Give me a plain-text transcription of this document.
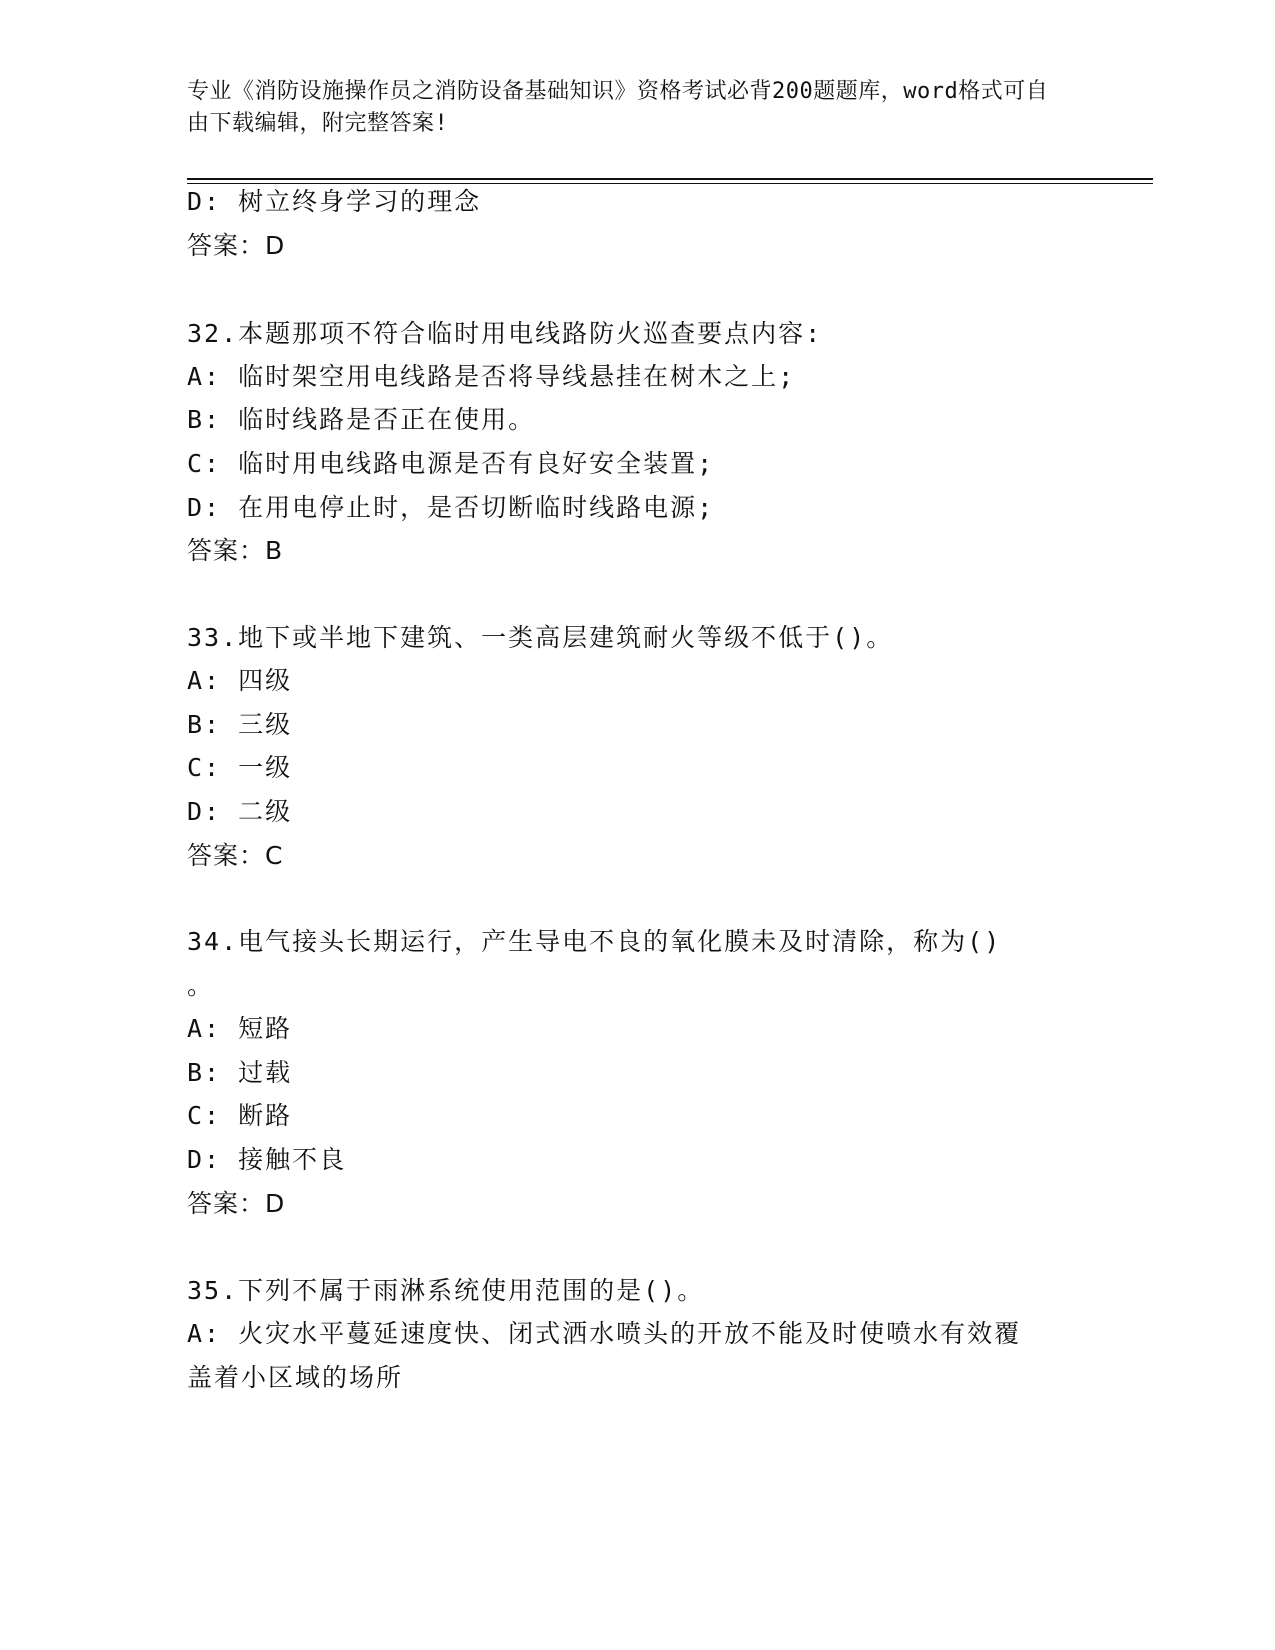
专业《消防设施操作员之消防设备基础知识》资格考试必背200题题库，word格式可自由下载编辑，附完整答案!
D: 树立终身学习的理念
答案：D
32.本题那项不符合临时用电线路防火巡查要点内容:
A: 临时架空用电线路是否将导线悬挂在树木之上;
B: 临时线路是否正在使用。
C: 临时用电线路电源是否有良好安全装置;
D: 在用电停止时，是否切断临时线路电源;
答案：B
33.地下或半地下建筑、一类高层建筑耐火等级不低于()。
A: 四级
B: 三级
C: 一级
D: 二级
答案：C
34.电气接头长期运行，产生导电不良的氧化膜未及时清除，称为()
。
A: 短路
B: 过载
C: 断路
D: 接触不良
答案：D
35.下列不属于雨淋系统使用范围的是()。
A: 火灾水平蔓延速度快、闭式洒水喷头的开放不能及时使喷水有效覆
盖着小区域的场所
